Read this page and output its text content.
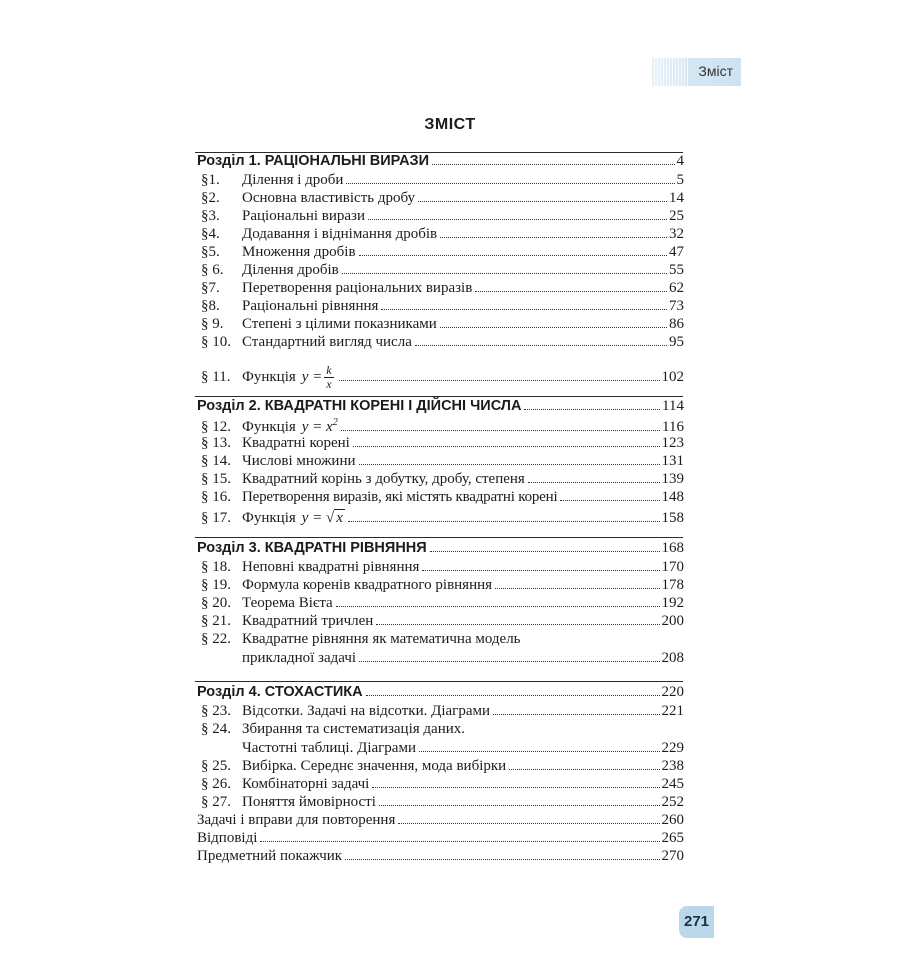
Зміст
ЗМІСТ
Розділ 1. РАЦІОНАЛЬНІ ВИРАЗИ	4
§1.	Ділення і дроби	5
§2.	Основна властивість дробу	14
§3.	Раціональні вирази	25
§4.	Додавання і віднімання дробів	32
§5.	Множення дробів	47
§ 6.	Ділення дробів	55
§7.	Перетворення раціональних виразів	62
§8.	Раціональні рівняння	73
§ 9.	Степені з цілими показниками	86
§ 10. Стандартний вигляд числа	95
§ 11. Функція $y = \frac{k}{x}$	102
Розділ 2. КВАДРАТНІ КОРЕНІ І ДІЙСНІ ЧИСЛА	114
§ 12. Функція $y = x^2$	116
§ 13. Квадратні корені	123
§ 14. Числові множини	131
§ 15. Квадратний корінь з добутку, дробу, степеня	139
§ 16. Перетворення виразів, які містять квадратні корені	148
§ 17. Функція y = √ x	158
Розділ 3. КВАДРАТНІ РІВНЯННЯ	168
§ 18. Неповні квадратні рівняння	170
§ 19. Формула коренів квадратного рівняння	178
§ 20. Теорема Вієта	192
§ 21. Квадратний тричлен	200
§ 22. Квадратне рівняння як математична модель
прикладної задачі	208
Розділ 4. СТОХАСТИКА	220
§ 23. Відсотки. Задачі на відсотки. Діаграми	221
§ 24. Збирання та систематизація даних.
Частотні таблиці. Діаграми	229
§ 25. Вибірка. Середнє значення, мода вибірки	238
§ 26. Комбінаторні задачі	245
§ 27. Поняття ймовірності	252
Задачі і вправи для повторення	260
Відповіді	265
Предметний покажчик	270
271
